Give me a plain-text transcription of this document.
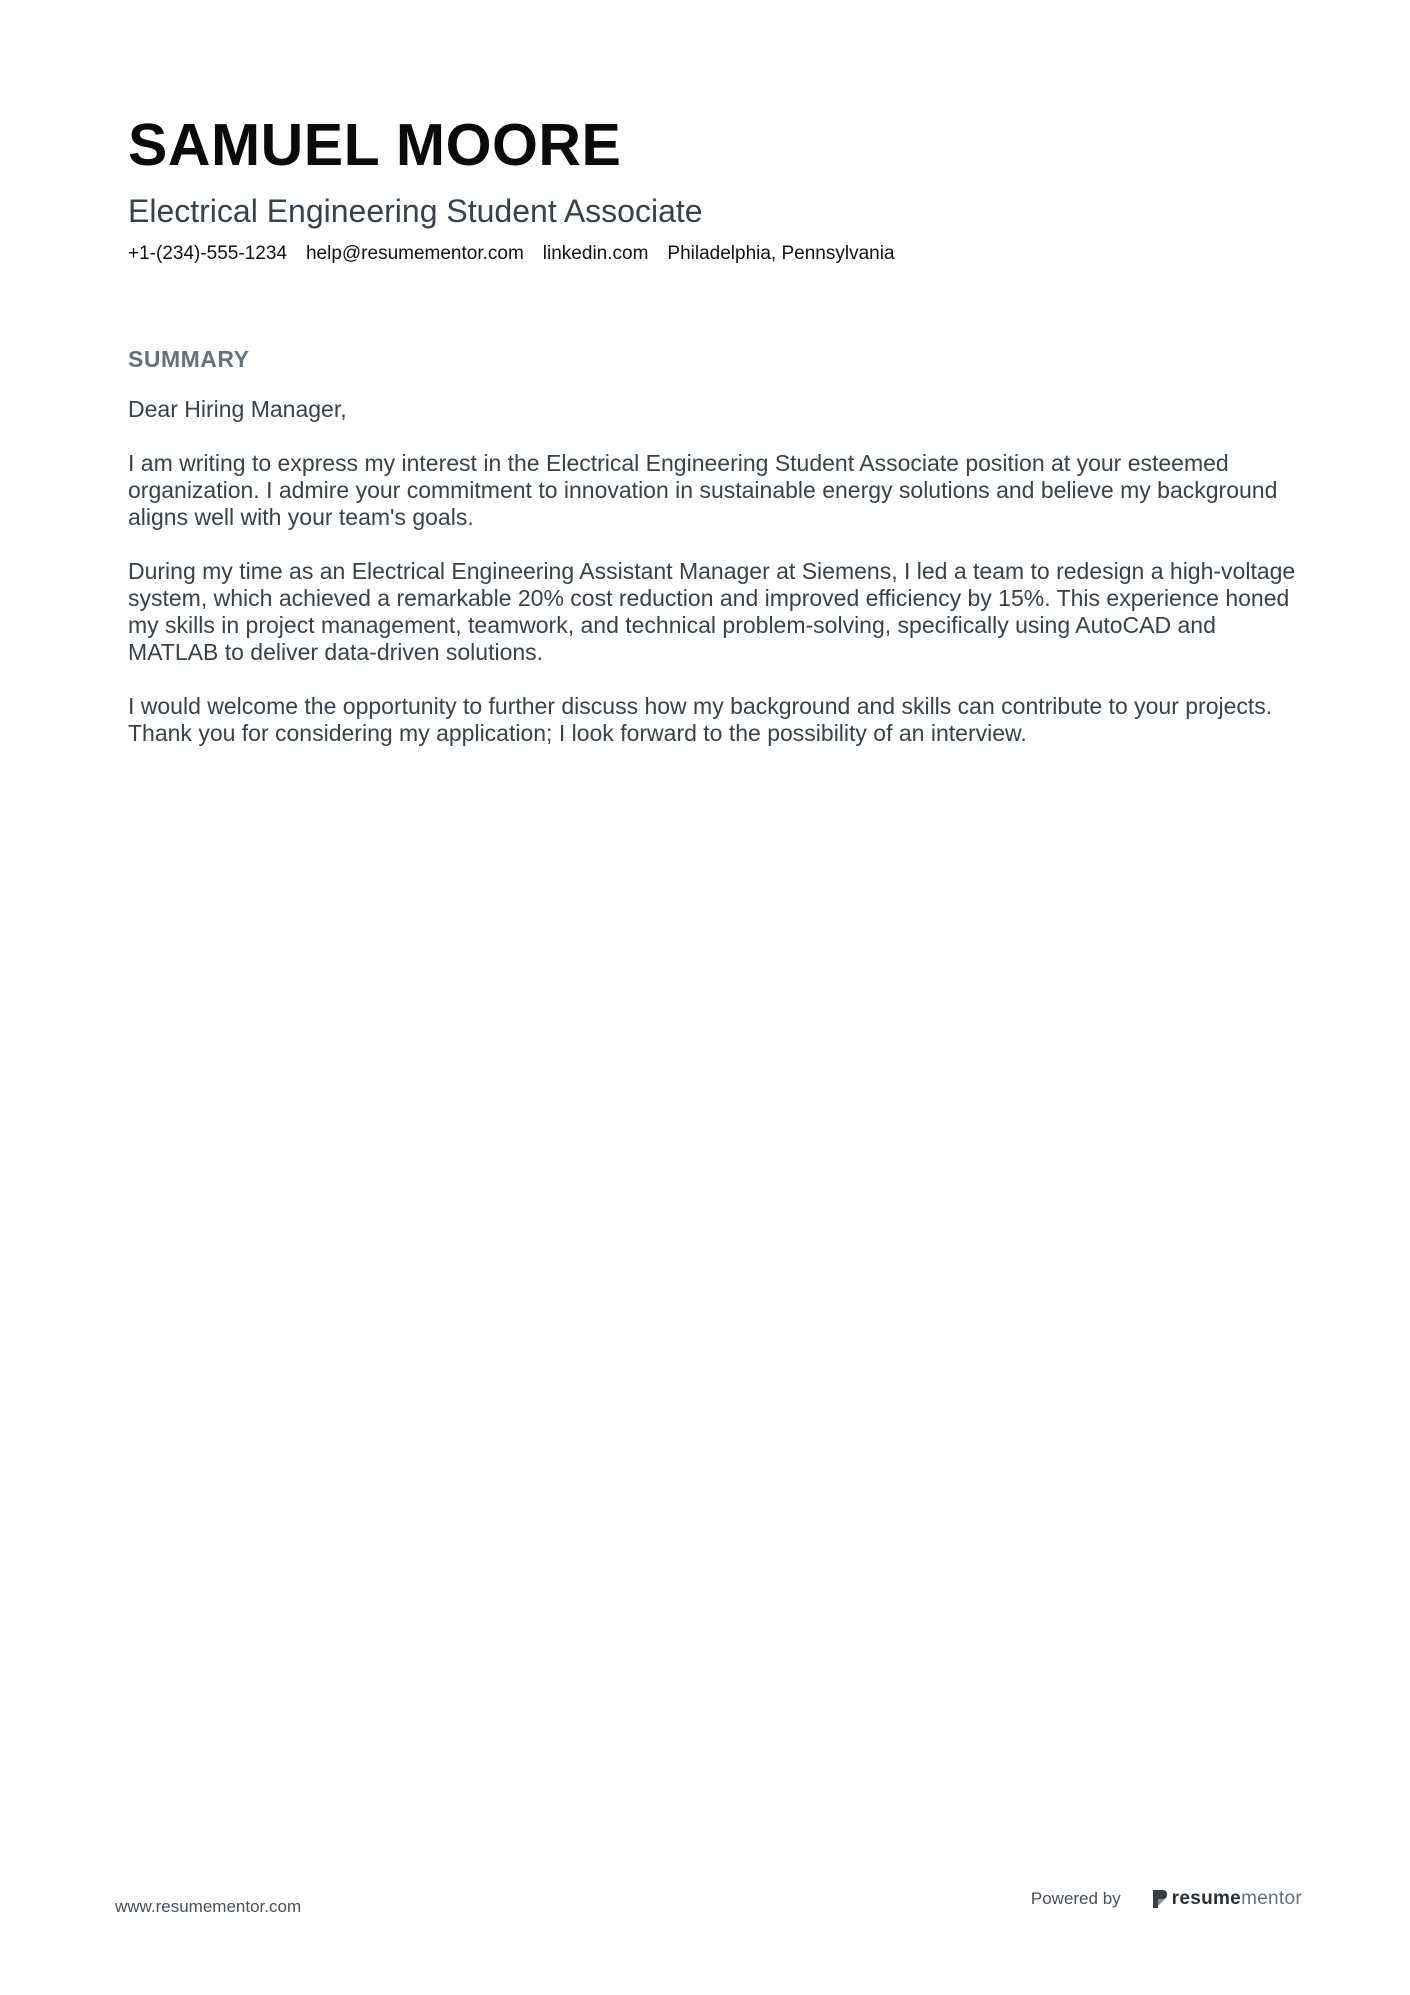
SAMUEL MOORE
Electrical Engineering Student Associate
+1-(234)-555-1234 help@resumementor.com linkedin.com Philadelphia, Pennsylvania
SUMMARY

Dear Hiring Manager,

I am writing to express my interest in the Electrical Engineering Student Associate position at your esteemed organization. I admire your commitment to innovation in sustainable energy solutions and believe my background aligns well with your team's goals.

During my time as an Electrical Engineering Assistant Manager at Siemens, I led a team to redesign a high-voltage system, which achieved a remarkable 20% cost reduction and improved efficiency by 15%. This experience honed my skills in project management, teamwork, and technical problem-solving, specifically using AutoCAD and MATLAB to deliver data-driven solutions.

I would welcome the opportunity to further discuss how my background and skills can contribute to your projects. Thank you for considering my application; I look forward to the possibility of an interview.

www.resumementor.com	Powered by	resumementor
